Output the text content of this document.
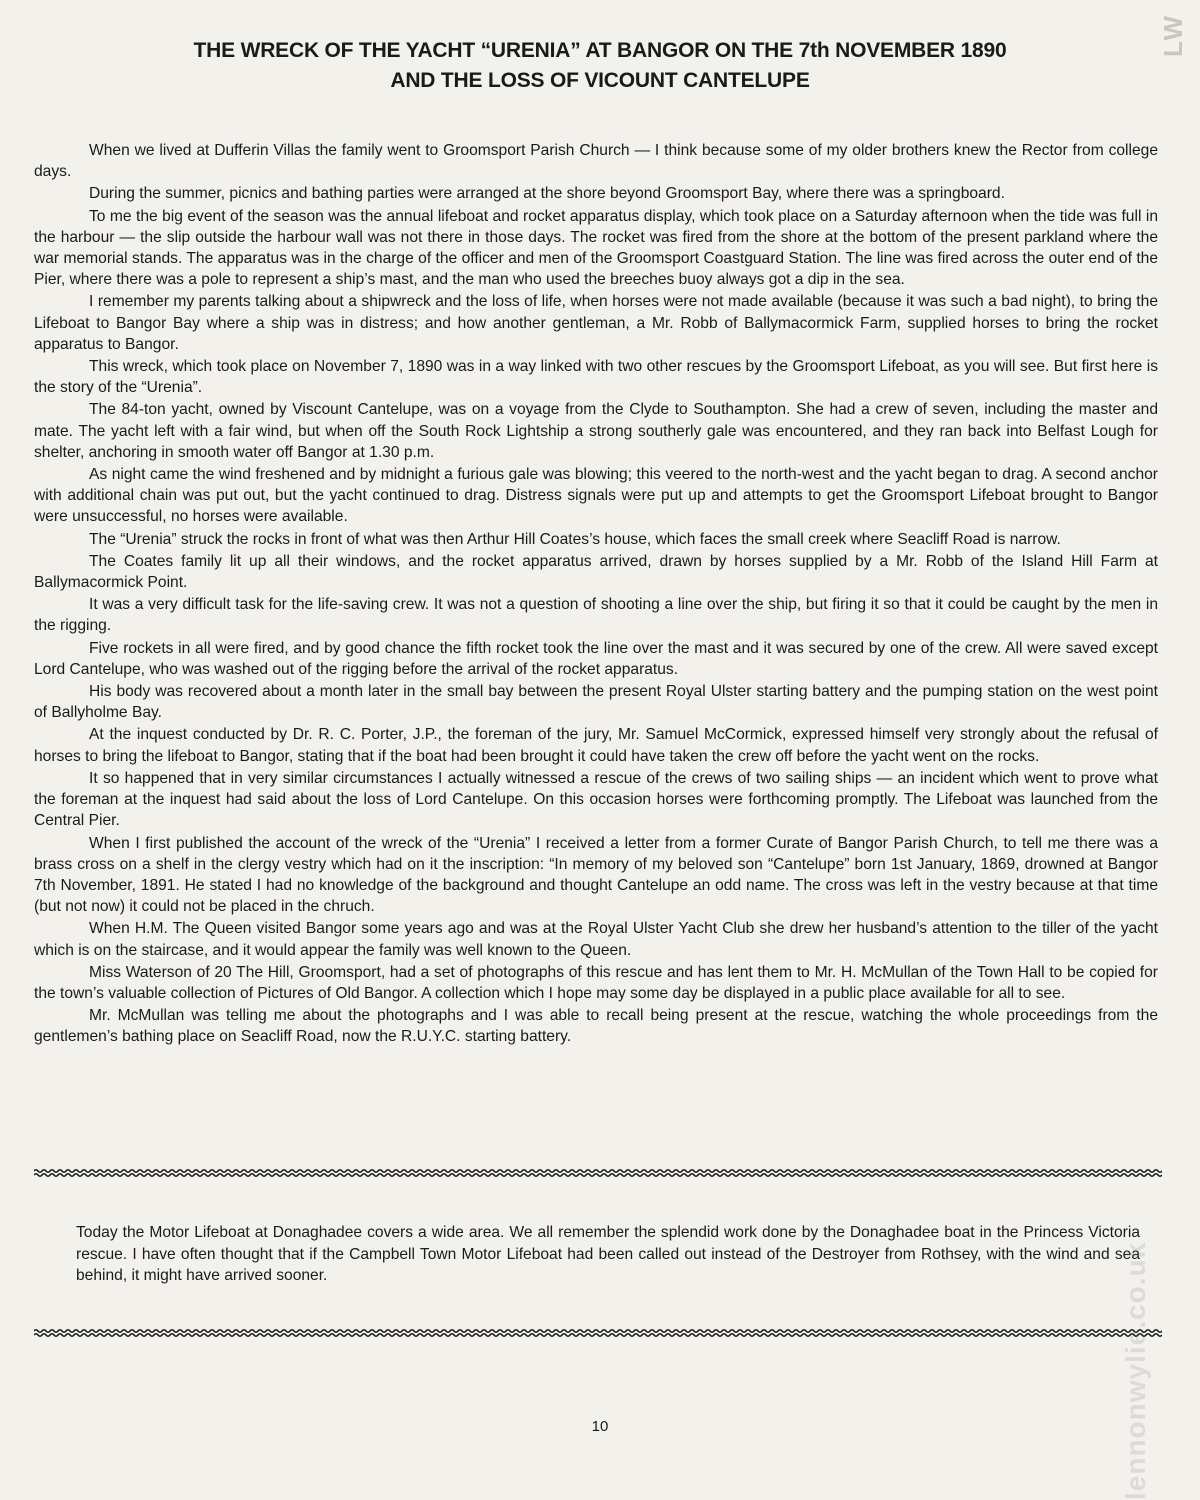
LW
THE WRECK OF THE YACHT “URENIA” AT BANGOR ON THE 7th NOVEMBER 1890
AND THE LOSS OF VICOUNT CANTELUPE

When we lived at Dufferin Villas the family went to Groomsport Parish Church — I think because some of my older brothers knew the Rector from college days.

During the summer, picnics and bathing parties were arranged at the shore beyond Groomsport Bay, where there was a springboard.

To me the big event of the season was the annual lifeboat and rocket apparatus display, which took place on a Saturday afternoon when the tide was full in the harbour — the slip outside the harbour wall was not there in those days. The rocket was fired from the shore at the bottom of the present parkland where the war memorial stands. The apparatus was in the charge of the officer and men of the Groomsport Coastguard Station. The line was fired across the outer end of the Pier, where there was a pole to represent a ship’s mast, and the man who used the breeches buoy always got a dip in the sea.

I remember my parents talking about a shipwreck and the loss of life, when horses were not made available (because it was such a bad night), to bring the Lifeboat to Bangor Bay where a ship was in distress; and how another gentleman, a Mr. Robb of Ballymacormick Farm, supplied horses to bring the rocket apparatus to Bangor.

This wreck, which took place on November 7, 1890 was in a way linked with two other rescues by the Groomsport Lifeboat, as you will see. But first here is the story of the “Urenia”.

The 84-ton yacht, owned by Viscount Cantelupe, was on a voyage from the Clyde to Southampton. She had a crew of seven, including the master and mate. The yacht left with a fair wind, but when off the South Rock Lightship a strong southerly gale was encountered, and they ran back into Belfast Lough for shelter, anchoring in smooth water off Bangor at 1.30 p.m.

As night came the wind freshened and by midnight a furious gale was blowing; this veered to the north-west and the yacht began to drag. A second anchor with additional chain was put out, but the yacht continued to drag. Distress signals were put up and attempts to get the Groomsport Lifeboat brought to Bangor were unsuccessful, no horses were available.

The “Urenia” struck the rocks in front of what was then Arthur Hill Coates’s house, which faces the small creek where Seacliff Road is narrow.

The Coates family lit up all their windows, and the rocket apparatus arrived, drawn by horses supplied by a Mr. Robb of the Island Hill Farm at Ballymacormick Point.

It was a very difficult task for the life-saving crew. It was not a question of shooting a line over the ship, but firing it so that it could be caught by the men in the rigging.

Five rockets in all were fired, and by good chance the fifth rocket took the line over the mast and it was secured by one of the crew. All were saved except Lord Cantelupe, who was washed out of the rigging before the arrival of the rocket apparatus.

His body was recovered about a month later in the small bay between the present Royal Ulster starting battery and the pumping station on the west point of Ballyholme Bay.

At the inquest conducted by Dr. R. C. Porter, J.P., the foreman of the jury, Mr. Samuel McCormick, expressed himself very strongly about the refusal of horses to bring the lifeboat to Bangor, stating that if the boat had been brought it could have taken the crew off before the yacht went on the rocks.

It so happened that in very similar circumstances I actually witnessed a rescue of the crews of two sailing ships — an incident which went to prove what the foreman at the inquest had said about the loss of Lord Cantelupe. On this occasion horses were forthcoming promptly. The Lifeboat was launched from the Central Pier.

When I first published the account of the wreck of the “Urenia” I received a letter from a former Curate of Bangor Parish Church, to tell me there was a brass cross on a shelf in the clergy vestry which had on it the inscription: “In memory of my beloved son “Cantelupe” born 1st January, 1869, drowned at Bangor 7th November, 1891. He stated I had no knowledge of the background and thought Cantelupe an odd name. The cross was left in the vestry because at that time (but not now) it could not be placed in the chruch.

When H.M. The Queen visited Bangor some years ago and was at the Royal Ulster Yacht Club she drew her husband’s attention to the tiller of the yacht which is on the staircase, and it would appear the family was well known to the Queen.

Miss Waterson of 20 The Hill, Groomsport, had a set of photographs of this rescue and has lent them to Mr. H. McMullan of the Town Hall to be copied for the town’s valuable collection of Pictures of Old Bangor. A collection which I hope may some day be displayed in a public place available for all to see.

Mr. McMullan was telling me about the photographs and I was able to recall being present at the rescue, watching the whole proceedings from the gentlemen’s bathing place on Seacliff Road, now the R.U.Y.C. starting battery.

Today the Motor Lifeboat at Donaghadee covers a wide area. We all remember the splendid work done by the Donaghadee boat in the Princess Victoria rescue. I have often thought that if the Campbell Town Motor Lifeboat had been called out instead of the Destroyer from Rothsey, with the wind and sea behind, it might have arrived sooner.	lennonwylie.co.uk
10
